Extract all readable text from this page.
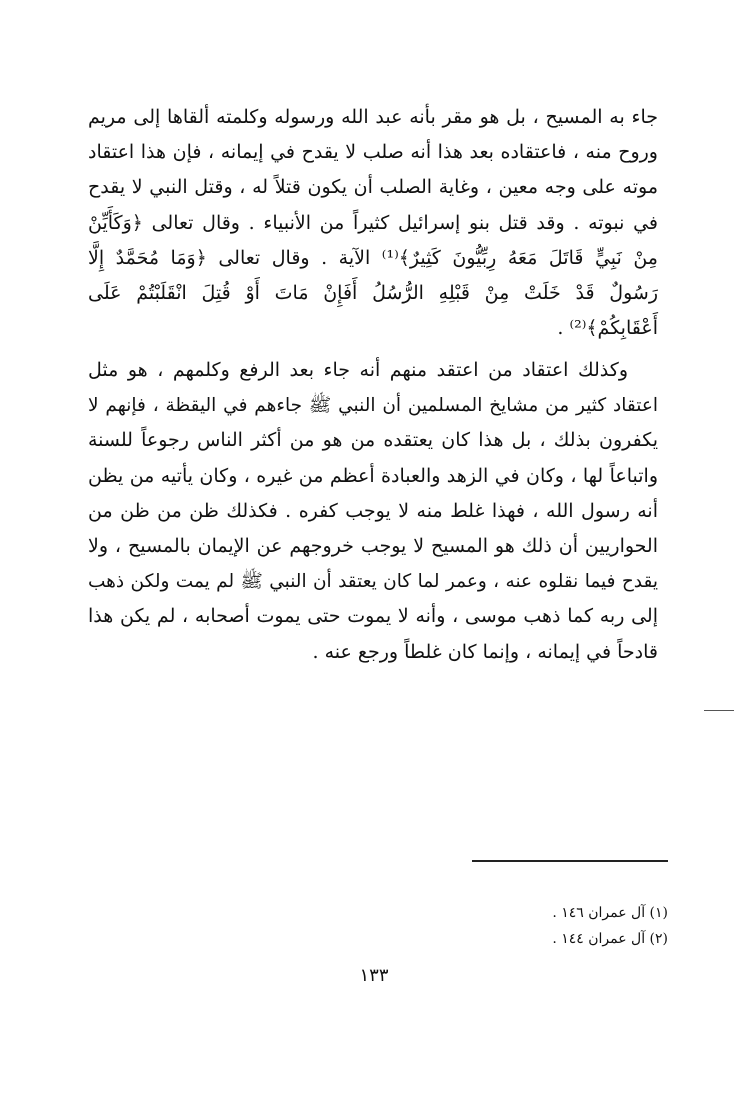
جاء به المسيح ، بل هو مقر بأنه عبد الله ورسوله وكلمته ألقاها إلى مريم
وروح منه ، فاعتقاده بعد هذا أنه صلب لا يقدح في إيمانه ، فإن هذا اعتقاد
موته على وجه معين ، وغاية الصلب أن يكون قتلاً له ، وقتل النبي لا يقدح
في نبوته . وقد قتل بنو إسرائيل كثيراً من الأنبياء . وقال تعالى ﴿وَكَأَيِّنْ
مِنْ نَبِيٍّ قَاتَلَ مَعَهُ رِبِّيُّونَ كَثِيرٌ﴾⁽¹⁾ الآية . وقال تعالى ﴿وَمَا مُحَمَّدٌ إِلَّا
رَسُولٌ قَدْ خَلَتْ مِنْ قَبْلِهِ الرُّسُلُ أَفَإِنْ مَاتَ أَوْ قُتِلَ انْقَلَبْتُمْ عَلَى
أَعْقَابِكُمْ﴾⁽²⁾ .
وكذلك اعتقاد من اعتقد منهم أنه جاء بعد الرفع وكلمهم ، هو مثل
اعتقاد كثير من مشايخ المسلمين أن النبي ﷺ جاءهم في اليقظة ، فإنهم لا
يكفرون بذلك ، بل هذا كان يعتقده من هو من أكثر الناس رجوعاً للسنة
واتباعاً لها ، وكان في الزهد والعبادة أعظم من غيره ، وكان يأتيه من يظن
أنه رسول الله ، فهذا غلط منه لا يوجب كفره . فكذلك ظن من ظن من
الحواريين أن ذلك هو المسيح لا يوجب خروجهم عن الإيمان بالمسيح ، ولا
يقدح فيما نقلوه عنه ، وعمر لما كان يعتقد أن النبي ﷺ لم يمت ولكن ذهب
إلى ربه كما ذهب موسى ، وأنه لا يموت حتى يموت أصحابه ، لم يكن هذا
قادحاً في إيمانه ، وإنما كان غلطاً ورجع عنه .
(١) آل عمران ١٤٦ .
(٢) آل عمران ١٤٤ .
١٣٣
